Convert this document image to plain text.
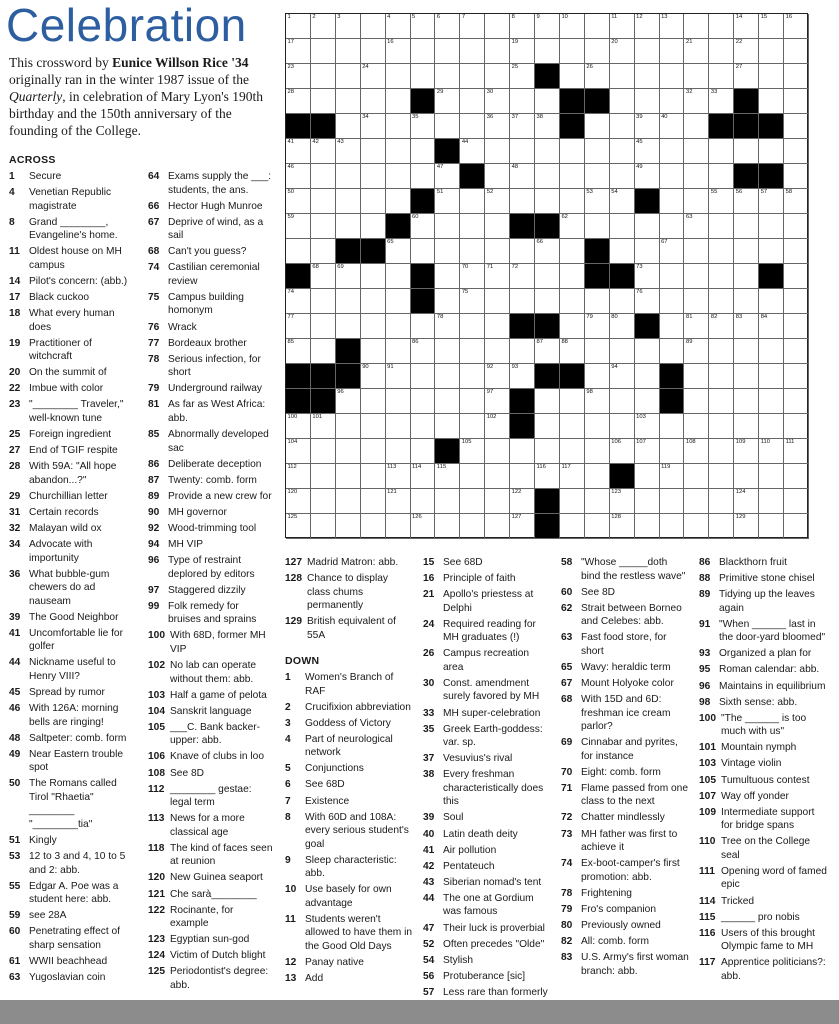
Celebration
This crossword by Eunice Willson Rice '34 originally ran in the winter 1987 issue of the Quarterly, in celebration of Mary Lyon's 190th birthday and the 150th anniversary of the founding of the College.
1	2	3	4	5	6	7	8	9	10	11	12	13	14	15	16
17	16	19	20	21	22
23	24	25	26	27
28	29	30	32	33
34	35	36	37	38	39	40
41	42	43	44	45
46	47	48	49
50	51	52	53	54	55	56	57	58
59	60	62	63
65	66	67
68	69	70	71	72	73
74	75	76
77	78	79	80	81	82	83	84
85	86	87	88	89
90	91	92	93	94
96	97	98
100	101	102	103
104	105	106	107	108	109	110	111
112	113	114	115	116	117	119
120	121	122	123	124
125	126	127	128	129
ACROSS
1 Secure
4 Venetian Republic magistrate
8 Grand ________, Evangeline's home.
11 Oldest house on MH campus
14 Pilot's concern: (abb.)
17 Black cuckoo
18 What every human does
19 Practitioner of witchcraft
20 On the summit of
22 Imbue with color
23 "________ Traveler," well-known tune
25 Foreign ingredient
27 End of TGIF respite
28 With 59A: "All hope abandon...?"
29 Churchillian letter
31 Certain records
32 Malayan wild ox
34 Advocate with importunity
36 What bubble-gum chewers do ad nauseam
39 The Good Neighbor
41 Uncomfortable lie for golfer
44 Nickname useful to Henry VIII?
45 Spread by rumor
46 With 126A: morning bells are ringing!
48 Saltpeter: comb. form
49 Near Eastern trouble spot
50 The Romans called Tirol "Rhaetia" ________ "________tia"
51 Kingly
53 12 to 3 and 4, 10 to 5 and 2: abb.
55 Edgar A. Poe was a student here: abb.
59 see 28A
60 Penetrating effect of sharp sensation
61 WWII beachhead
63 Yugoslavian coin
64 Exams supply the ___: students, the ans.
66 Hector Hugh Munroe
67 Deprive of wind, as a sail
68 Can't you guess?
74 Castilian ceremonial review
75 Campus building homonym
76 Wrack
77 Bordeaux brother
78 Serious infection, for short
79 Underground railway
81 As far as West Africa: abb.
85 Abnormally developed sac
86 Deliberate deception
87 Twenty: comb. form
89 Provide a new crew for
90 MH governor
92 Wood-trimming tool
94 MH VIP
96 Type of restraint deplored by editors
97 Staggered dizzily
99 Folk remedy for bruises and sprains
100 With 68D, former MH VIP
102 No lab can operate without them: abb.
103 Half a game of pelota
104 Sanskrit language
105 ___C. Bank backer-upper: abb.
106 Knave of clubs in loo
108 See 8D
112 ________ gestae: legal term
113 News for a more classical age
118 The kind of faces seen at reunion
120 New Guinea seaport
121 Che sarà________
122 Rocinante, for example
123 Egyptian sun-god
124 Victim of Dutch blight
125 Periodontist's degree: abb.
127 Madrid Matron: abb.
128 Chance to display class chums permanently
129 British equivalent of 55A
DOWN
1 Women's Branch of RAF
2 Crucifixion abbreviation
3 Goddess of Victory
4 Part of neurological network
5 Conjunctions
6 See 68D
7 Existence
8 With 60D and 108A: every serious student's goal
9 Sleep characteristic: abb.
10 Use basely for own advantage
11 Students weren't allowed to have them in the Good Old Days
12 Panay native
13 Add
15 See 68D
16 Principle of faith
21 Apollo's priestess at Delphi
24 Required reading for MH graduates (!)
26 Campus recreation area
30 Const. amendment surely favored by MH
33 MH super-celebration
35 Greek Earth-goddess: var. sp.
37 Vesuvius's rival
38 Every freshman characteristically does this
39 Soul
40 Latin death deity
41 Air pollution
42 Pentateuch
43 Siberian nomad's tent
44 The one at Gordium was famous
47 Their luck is proverbial
52 Often precedes "Olde"
54 Stylish
56 Protuberance [sic]
57 Less rare than formerly
58 "Whose _____doth bind the restless wave"
60 See 8D
62 Strait between Borneo and Celebes: abb.
63 Fast food store, for short
65 Wavy: heraldic term
67 Mount Holyoke color
68 With 15D and 6D: freshman ice cream parlor?
69 Cinnabar and pyrites, for instance
70 Eight: comb. form
71 Flame passed from one class to the next
72 Chatter mindlessly
73 MH father was first to achieve it
74 Ex-boot-camper's first promotion: abb.
78 Frightening
79 Fro's companion
80 Previously owned
82 All: comb. form
83 U.S. Army's first woman branch: abb.
86 Blackthorn fruit
88 Primitive stone chisel
89 Tidying up the leaves again
91 "When ______ last in the door-yard bloomed"
93 Organized a plan for
95 Roman calendar: abb.
96 Maintains in equilibrium
98 Sixth sense: abb.
100 "The ______ is too much with us"
101 Mountain nymph
103 Vintage violin
105 Tumultuous contest
107 Way off yonder
109 Intermediate support for bridge spans
110 Tree on the College seal
111 Opening word of famed epic
114 Tricked
115 ______ pro nobis
116 Users of this brought Olympic fame to MH
117 Apprentice politicians?: abb.
